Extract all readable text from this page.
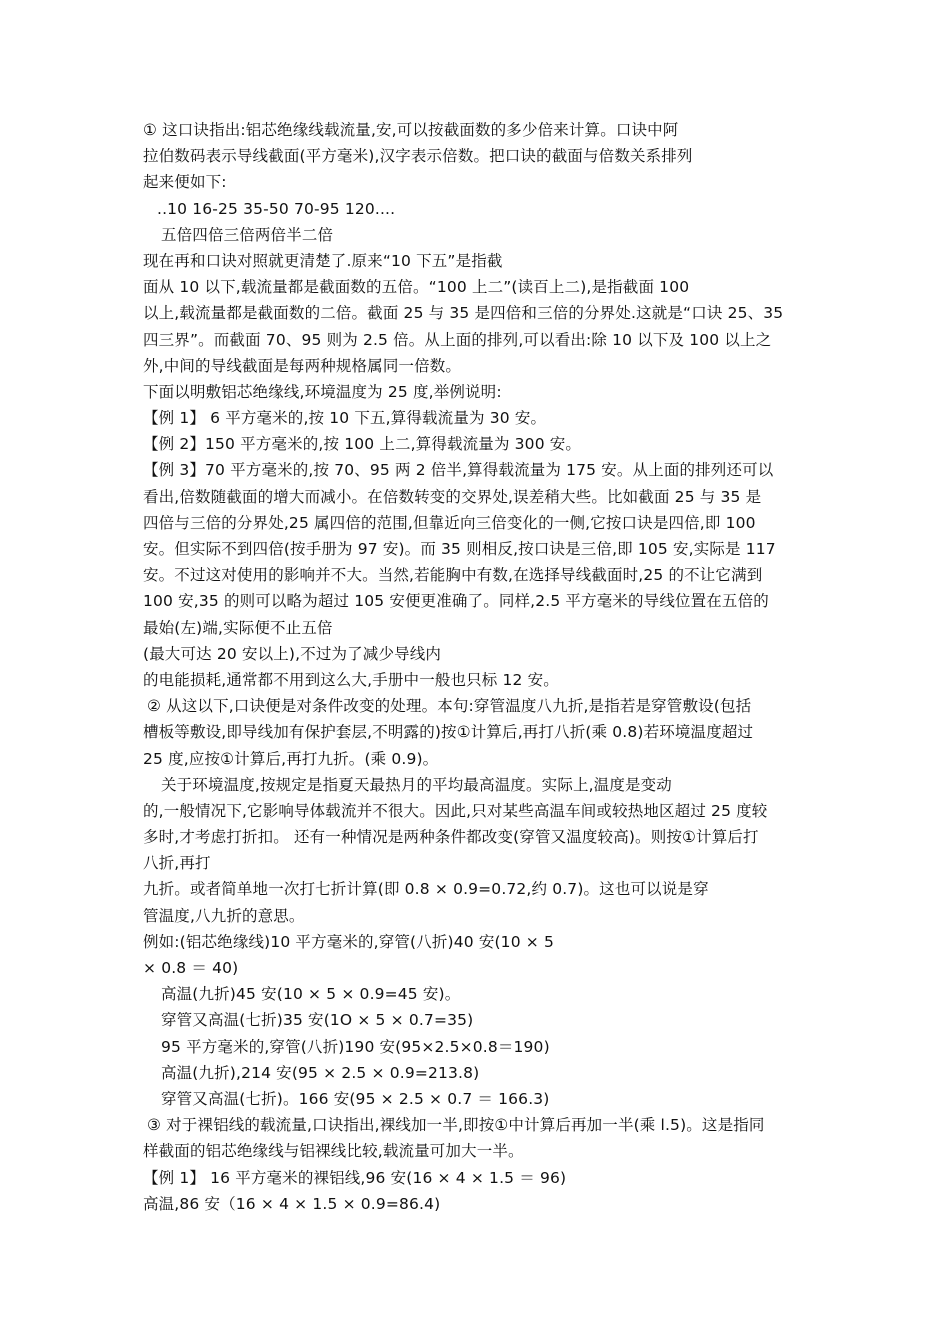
① 这口诀指出:铝芯绝缘线载流量,安,可以按截面数的多少倍来计算。口诀中阿
拉伯数码表示导线截面(平方毫米),汉字表示倍数。把口诀的截面与倍数关系排列
起来便如下:
..10 16-25 35-50 70-95 120....
五倍四倍三倍两倍半二倍
现在再和口诀对照就更清楚了.原来“10 下五”是指截
面从 10 以下,载流量都是截面数的五倍。“100 上二”(读百上二),是指截面 100
以上,载流量都是截面数的二倍。截面 25 与 35 是四倍和三倍的分界处.这就是“口诀 25、35
四三界”。而截面 70、95 则为 2.5 倍。从上面的排列,可以看出:除 10 以下及 100 以上之
外,中间的导线截面是每两种规格属同一倍数。
下面以明敷铝芯绝缘线,环境温度为 25 度,举例说明:
【例 1】 6 平方毫米的,按 10 下五,算得载流量为 30 安。
【例 2】150 平方毫米的,按 100 上二,算得载流量为 300 安。
【例 3】70 平方毫米的,按 70、95 两 2 倍半,算得载流量为 175 安。从上面的排列还可以
看出,倍数随截面的增大而减小。在倍数转变的交界处,误差稍大些。比如截面 25 与 35 是
四倍与三倍的分界处,25 属四倍的范围,但靠近向三倍变化的一侧,它按口诀是四倍,即 100
安。但实际不到四倍(按手册为 97 安)。而 35 则相反,按口诀是三倍,即 105 安,实际是 117
安。不过这对使用的影响并不大。当然,若能胸中有数,在选择导线截面时,25 的不让它满到
100 安,35 的则可以略为超过 105 安便更准确了。同样,2.5 平方毫米的导线位置在五倍的
最始(左)端,实际便不止五倍
(最大可达 20 安以上),不过为了减少导线内
的电能损耗,通常都不用到这么大,手册中一般也只标 12 安。
② 从这以下,口诀便是对条件改变的处理。本句:穿管温度八九折,是指若是穿管敷设(包括
槽板等敷设,即导线加有保护套层,不明露的)按①计算后,再打八折(乘 0.8)若环境温度超过
25 度,应按①计算后,再打九折。(乘 0.9)。
关于环境温度,按规定是指夏天最热月的平均最高温度。实际上,温度是变动
的,一般情况下,它影响导体载流并不很大。因此,只对某些高温车间或较热地区超过 25 度较
多时,才考虑打折扣。 还有一种情况是两种条件都改变(穿管又温度较高)。则按①计算后打
八折,再打
九折。或者简单地一次打七折计算(即 0.8 × 0.9=0.72,约 0.7)。这也可以说是穿
管温度,八九折的意思。
例如:(铝芯绝缘线)10 平方毫米的,穿管(八折)40 安(10 × 5
× 0.8 ＝ 40)
高温(九折)45 安(10 × 5 × 0.9=45 安)。
穿管又高温(七折)35 安(1O × 5 × 0.7=35)
95 平方毫米的,穿管(八折)190 安(95×2.5×0.8＝190)
高温(九折),214 安(95 × 2.5 × 0.9=213.8)
穿管又高温(七折)。166 安(95 × 2.5 × 0.7 ＝ 166.3)
③ 对于裸铝线的载流量,口诀指出,裸线加一半,即按①中计算后再加一半(乘 l.5)。这是指同
样截面的铝芯绝缘线与铝裸线比较,载流量可加大一半。
【例 1】 16 平方毫米的裸铝线,96 安(16 × 4 × 1.5 ＝ 96)
高温,86 安（16 × 4 × 1.5 × 0.9=86.4)
